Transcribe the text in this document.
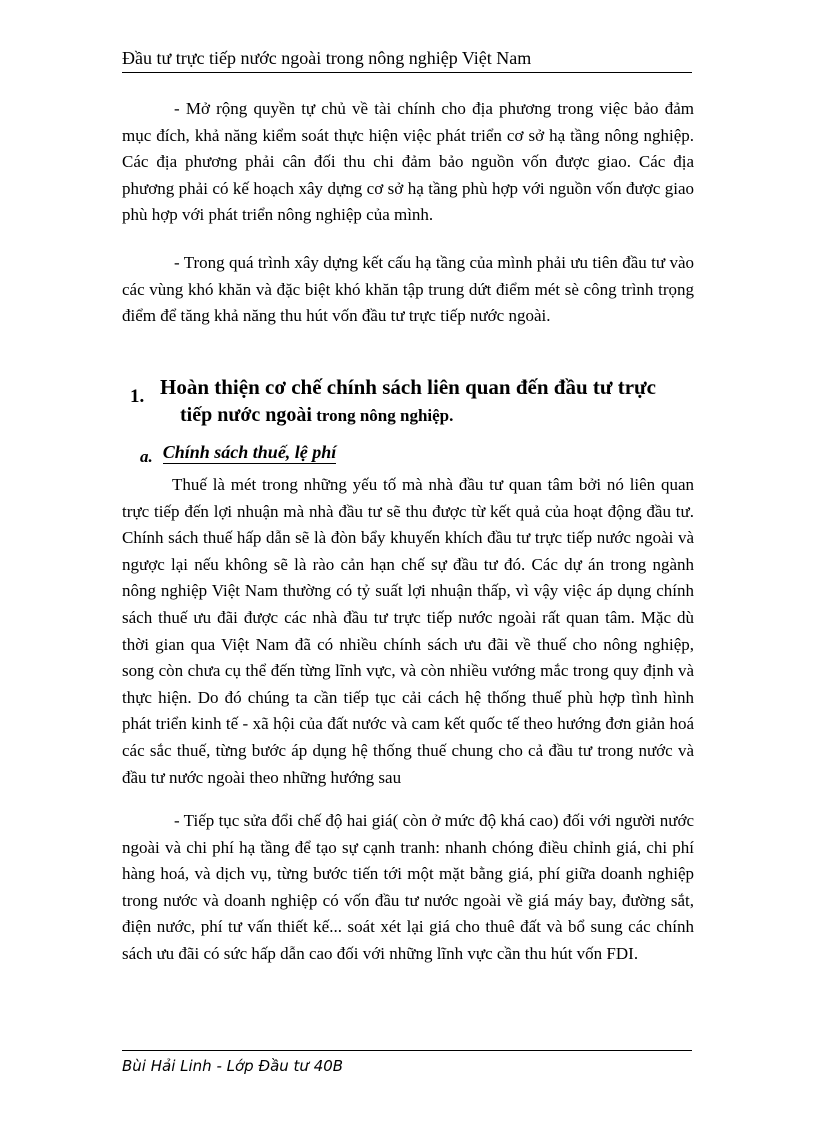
Đầu tư trực tiếp nước ngoài trong nông nghiệp Việt Nam

- Mở rộng quyền tự chủ về tài chính cho địa phương trong việc bảo đảm mục đích, khả năng kiểm soát thực hiện việc phát triển cơ sở hạ tầng nông nghiệp. Các địa phương phải cân đối thu chi đảm bảo nguồn vốn được giao. Các địa phương phải có kế hoạch xây dựng cơ sở hạ tầng phù hợp với nguồn vốn được giao phù hợp với phát triển nông nghiệp của mình.

- Trong quá trình xây dựng kết cấu hạ tầng của mình phải ưu tiên đầu tư vào các vùng khó khăn và đặc biệt khó khăn tập trung dứt điểm mét sè công trình trọng điểm để tăng khả năng thu hút vốn đầu tư trực tiếp nước ngoài.

1. Hoàn thiện cơ chế chính sách liên quan đến đầu tư trực
tiếp nước ngoài trong nông nghiệp.
a. Chính sách thuế, lệ phí

Thuế là mét trong những yếu tố mà nhà đầu tư quan tâm bởi nó liên quan trực tiếp đến lợi nhuận mà nhà đầu tư sẽ thu được từ kết quả của hoạt động đầu tư. Chính sách thuế hấp dẫn sẽ là đòn bẩy khuyến khích đầu tư trực tiếp nước ngoài và ngược lại nếu không sẽ là rào cản hạn chế sự đầu tư đó. Các dự án trong ngành nông nghiệp Việt Nam thường có tỷ suất lợi nhuận thấp, vì vậy việc áp dụng chính sách thuế ưu đãi được các nhà đầu tư trực tiếp nước ngoài rất quan tâm. Mặc dù thời gian qua Việt Nam đã có nhiều chính sách ưu đãi về thuế cho nông nghiệp, song còn chưa cụ thể đến từng lĩnh vực, và còn nhiều vướng mắc trong quy định và thực hiện. Do đó chúng ta cần tiếp tục cải cách hệ thống thuế phù hợp tình hình phát triển kinh tế - xã hội của đất nước và cam kết quốc tế theo hướng đơn giản hoá các sắc thuế, từng bước áp dụng hệ thống thuế chung cho cả đầu tư trong nước và đầu tư nước ngoài theo những hướng sau

- Tiếp tục sửa đổi chế độ hai giá( còn ở mức độ khá cao) đối với người nước ngoài và chi phí hạ tầng để tạo sự cạnh tranh: nhanh chóng điều chỉnh giá, chi phí hàng hoá, và dịch vụ, từng bước tiến tới một mặt bằng giá, phí giữa doanh nghiệp trong nước và doanh nghiệp có vốn đầu tư nước ngoài về giá máy bay, đường sắt, điện nước, phí tư vấn thiết kế... soát xét lại giá cho thuê đất và bổ sung các chính sách ưu đãi có sức hấp dẫn cao đối với những lĩnh vực cần thu hút vốn FDI.

Bùi Hải Linh - Lớp Đầu tư 40B
